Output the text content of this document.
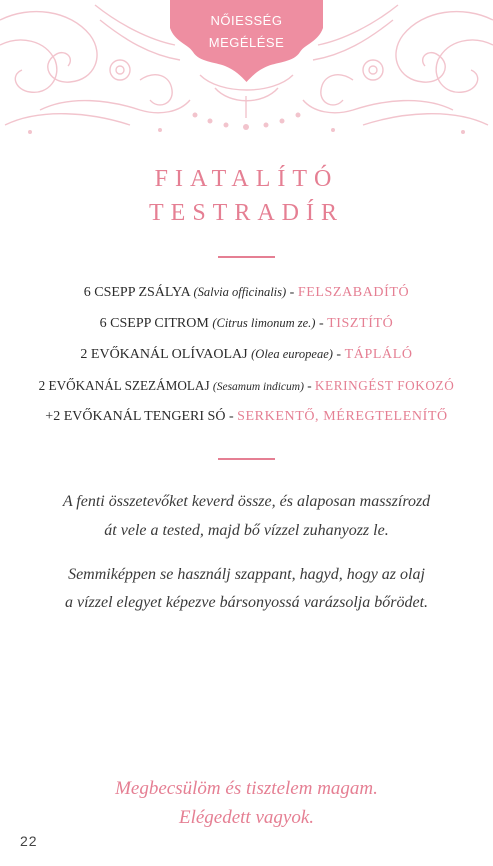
NŐIESSÉG
MEGÉLÉSE
FIATALÍTÓ
TESTRADÍR
6 CSEPP ZSÁLYA (Salvia officinalis) - FELSZABADÍTÓ
6 CSEPP CITROM (Citrus limonum ze.) - TISZTÍTÓ
2 EVŐKANÁL OLÍVAOLAJ (Olea europeae) - TÁPLÁLÓ
2 EVŐKANÁL SZEZÁMOLAJ (Sesamum indicum) - KERINGÉST FOKOZÓ
+2 EVŐKANÁL TENGERI SÓ - SERKENTŐ, MÉREGTELENÍTŐ
A fenti összetevőket keverd össze, és alaposan masszírozd
át vele a tested, majd bő vízzel zuhanyozz le.
Semmiképpen se használj szappant, hagyd, hogy az olaj
a vízzel elegyet képezve bársonyossá varázsolja bőrödet.
Megbecsülöm és tisztelem magam.
Elégedett vagyok.
22
